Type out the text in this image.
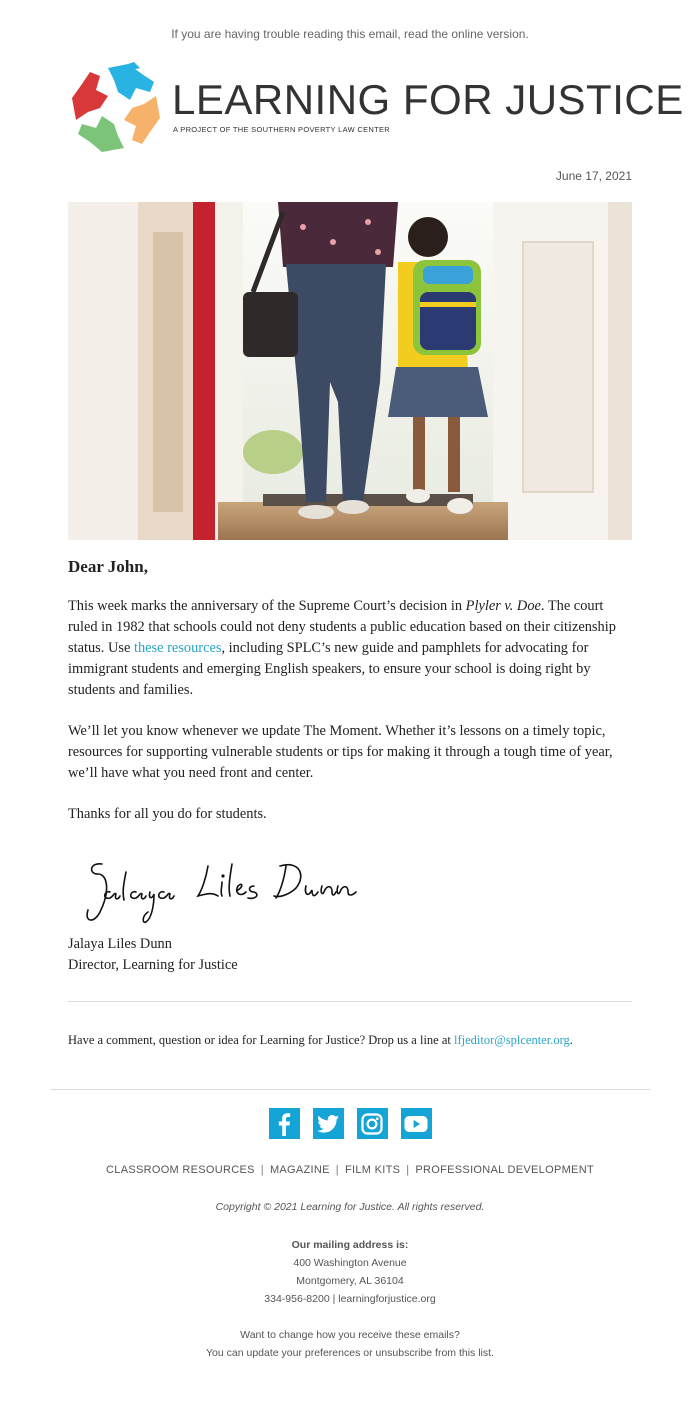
If you are having trouble reading this email, read the online version.
LEARNING FOR JUSTICE
A PROJECT OF THE SOUTHERN POVERTY LAW CENTER
June 17, 2021
Dear John,

This week marks the anniversary of the Supreme Court’s decision in Plyler v. Doe. The court ruled in 1982 that schools could not deny students a public education based on their citizenship status. Use these resources, including SPLC’s new guide and pamphlets for advocating for immigrant students and emerging English speakers, to ensure your school is doing right by students and families.

We’ll let you know whenever we update The Moment. Whether it’s lessons on a timely topic, resources for supporting vulnerable students or tips for making it through a tough time of year, we’ll have what you need front and center.

Thanks for all you do for students.

Jalaya Liles Dunn
Director, Learning for Justice
Have a comment, question or idea for Learning for Justice? Drop us a line at lfjeditor@splcenter.org.
CLASSROOM RESOURCES | MAGAZINE | FILM KITS | PROFESSIONAL DEVELOPMENT
Copyright © 2021 Learning for Justice. All rights reserved.
Our mailing address is:
400 Washington Avenue
Montgomery, AL 36104
334-956-8200 | learningforjustice.org
Want to change how you receive these emails?
You can update your preferences or unsubscribe from this list.
